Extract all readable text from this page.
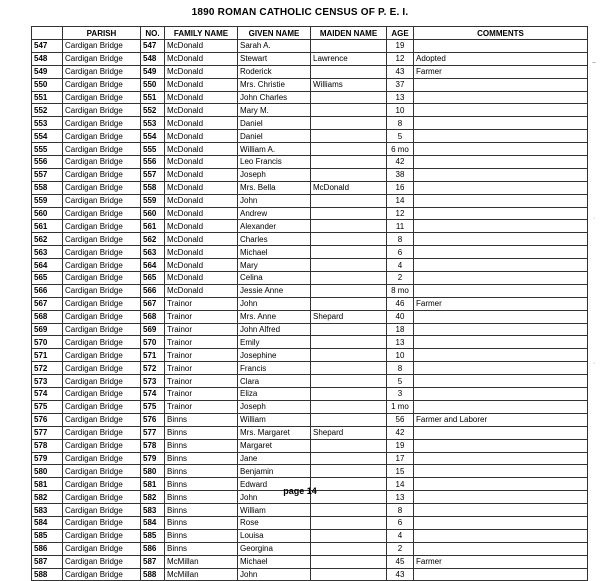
1890 ROMAN CATHOLIC CENSUS OF P. E. I.
	PARISH	NO.	FAMILY NAME	GIVEN NAME	MAIDEN NAME	AGE	COMMENTS
547	Cardigan Bridge	547	McDonald	Sarah A.		19	
548	Cardigan Bridge	548	McDonald	Stewart	Lawrence	12	Adopted
549	Cardigan Bridge	549	McDonald	Roderick		43	Farmer
550	Cardigan Bridge	550	McDonald	Mrs. Christie	Williams	37	
551	Cardigan Bridge	551	McDonald	John Charles		13	
552	Cardigan Bridge	552	McDonald	Mary M.		10	
553	Cardigan Bridge	553	McDonald	Daniel		8	
554	Cardigan Bridge	554	McDonald	Daniel		5	
555	Cardigan Bridge	555	McDonald	William A.		6 mo	
556	Cardigan Bridge	556	McDonald	Leo Francis		42	
557	Cardigan Bridge	557	McDonald	Joseph		38	
558	Cardigan Bridge	558	McDonald	Mrs. Bella	McDonald	16	
559	Cardigan Bridge	559	McDonald	John		14	
560	Cardigan Bridge	560	McDonald	Andrew		12	
561	Cardigan Bridge	561	McDonald	Alexander		11	
562	Cardigan Bridge	562	McDonald	Charles		8	
563	Cardigan Bridge	563	McDonald	Michael		6	
564	Cardigan Bridge	564	McDonald	Mary		4	
565	Cardigan Bridge	565	McDonald	Celina		2	
566	Cardigan Bridge	566	McDonald	Jessie Anne		8 mo	
567	Cardigan Bridge	567	Trainor	John		46	Farmer
568	Cardigan Bridge	568	Trainor	Mrs. Anne	Shepard	40	
569	Cardigan Bridge	569	Trainor	John Alfred		18	
570	Cardigan Bridge	570	Trainor	Emily		13	
571	Cardigan Bridge	571	Trainor	Josephine		10	
572	Cardigan Bridge	572	Trainor	Francis		8	
573	Cardigan Bridge	573	Trainor	Clara		5	
574	Cardigan Bridge	574	Trainor	Eliza		3	
575	Cardigan Bridge	575	Trainor	Joseph		1 mo	
576	Cardigan Bridge	576	Binns	William		56	Farmer and Laborer
577	Cardigan Bridge	577	Binns	Mrs. Margaret	Shepard	42	
578	Cardigan Bridge	578	Binns	Margaret		19	
579	Cardigan Bridge	579	Binns	Jane		17	
580	Cardigan Bridge	580	Binns	Benjamin		15	
581	Cardigan Bridge	581	Binns	Edward		14	
582	Cardigan Bridge	582	Binns	John		13	
583	Cardigan Bridge	583	Binns	William		8	
584	Cardigan Bridge	584	Binns	Rose		6	
585	Cardigan Bridge	585	Binns	Louisa		4	
586	Cardigan Bridge	586	Binns	Georgina		2	
587	Cardigan Bridge	587	McMillan	Michael		45	Farmer
588	Cardigan Bridge	588	McMillan	John		43	
page 14
~
·
·
